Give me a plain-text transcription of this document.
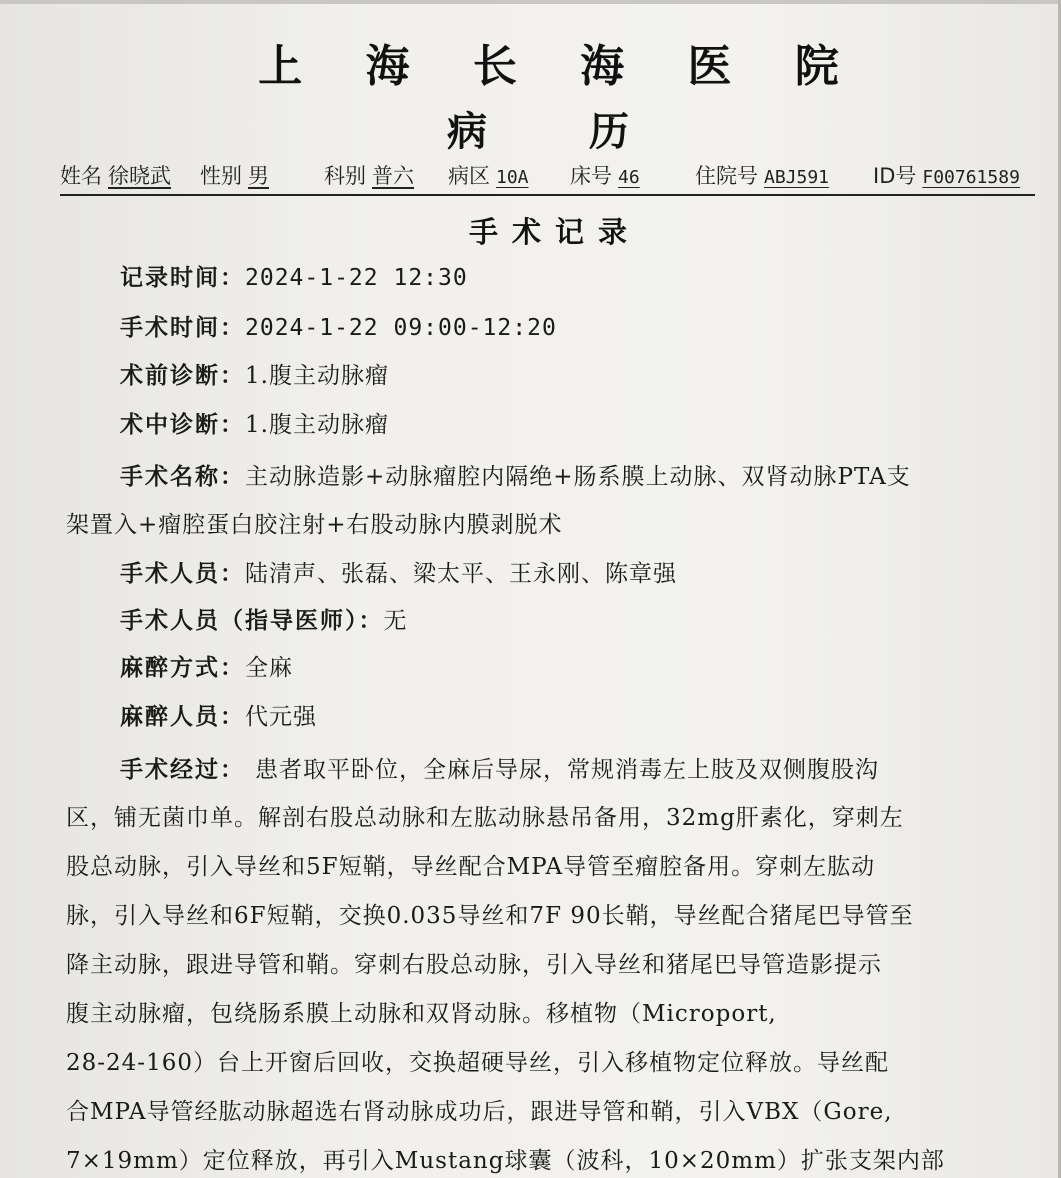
上 海 长 海 医 院
病 历
姓名 徐晓武 性别 男	科别 普六 病区 10A 床号 46	住院号 ABJ591 ID号 F00761589
手术记录
记录时间：2024-1-22 12:30
手术时间：2024-1-22 09:00-12:20
术前诊断：1.腹主动脉瘤
术中诊断：1.腹主动脉瘤
手术名称：主动脉造影+动脉瘤腔内隔绝+肠系膜上动脉、双肾动脉PTA支
架置入+瘤腔蛋白胶注射+右股动脉内膜剥脱术
手术人员：陆清声、张磊、梁太平、王永刚、陈章强
手术人员（指导医师）：无
麻醉方式：全麻
麻醉人员：代元强
手术经过： 患者取平卧位，全麻后导尿，常规消毒左上肢及双侧腹股沟
区，铺无菌巾单。解剖右股总动脉和左肱动脉悬吊备用，32mg肝素化，穿刺左
股总动脉，引入导丝和5F短鞘，导丝配合MPA导管至瘤腔备用。穿刺左肱动
脉，引入导丝和6F短鞘，交换0.035导丝和7F 90长鞘，导丝配合猪尾巴导管至
降主动脉，跟进导管和鞘。穿刺右股总动脉，引入导丝和猪尾巴导管造影提示
腹主动脉瘤，包绕肠系膜上动脉和双肾动脉。移植物（Microport,
28-24-160）台上开窗后回收，交换超硬导丝，引入移植物定位释放。导丝配
合MPA导管经肱动脉超选右肾动脉成功后，跟进导管和鞘，引入VBX（Gore,
7×19mm）定位释放，再引入Mustang球囊（波科，10×20mm）扩张支架内部
